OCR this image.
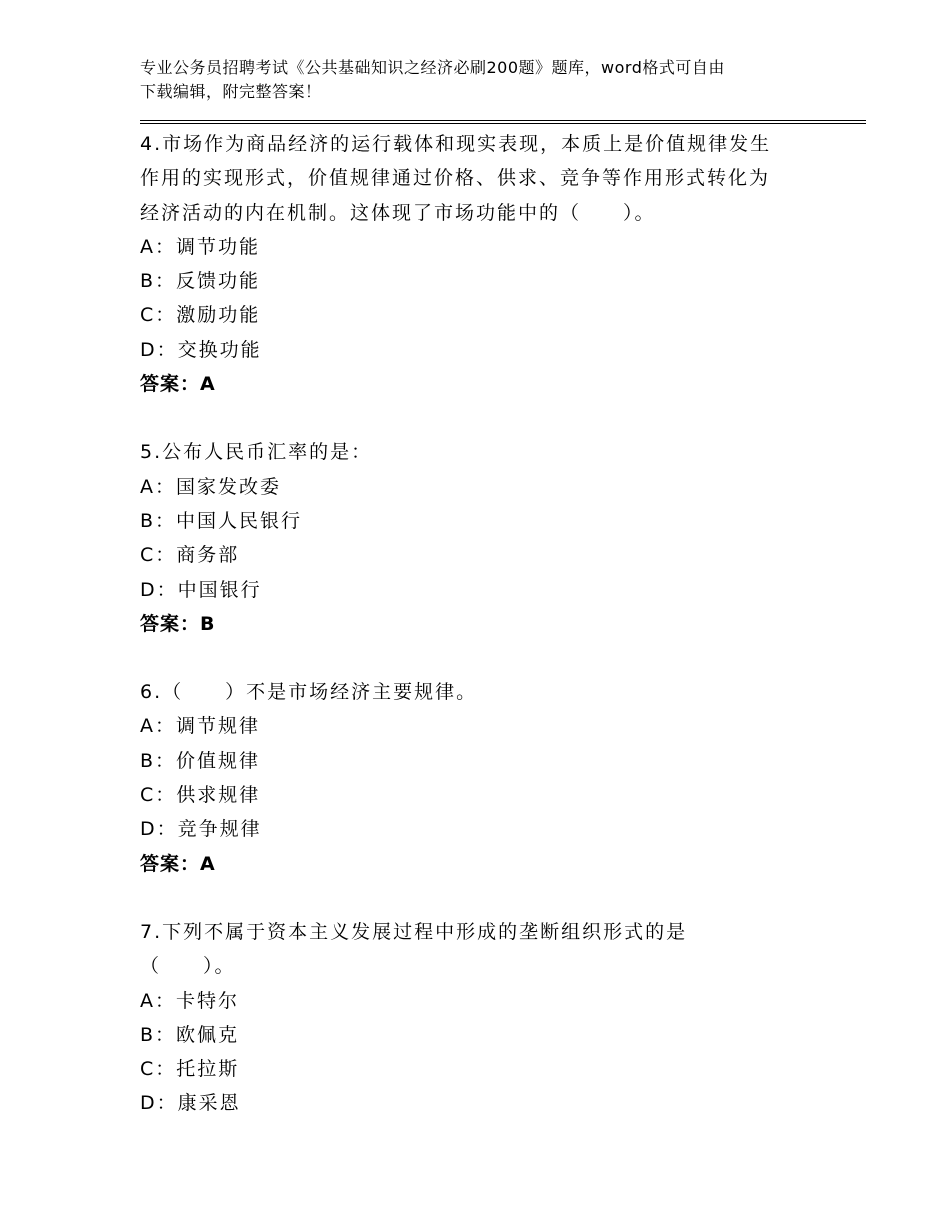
专业公务员招聘考试《公共基础知识之经济必刷200题》题库，word格式可自由
下载编辑，附完整答案！
4.市场作为商品经济的运行载体和现实表现，本质上是价值规律发生
作用的实现形式，价值规律通过价格、供求、竞争等作用形式转化为
经济活动的内在机制。这体现了市场功能中的（　　）。
A：调节功能
B：反馈功能
C：激励功能
D：交换功能
答案：A
5.公布人民币汇率的是：
A：国家发改委
B：中国人民银行
C：商务部
D：中国银行
答案：B
6.（　　）不是市场经济主要规律。
A：调节规律
B：价值规律
C：供求规律
D：竞争规律
答案：A
7.下列不属于资本主义发展过程中形成的垄断组织形式的是
（　　）。
A：卡特尔
B：欧佩克
C：托拉斯
D：康采恩
